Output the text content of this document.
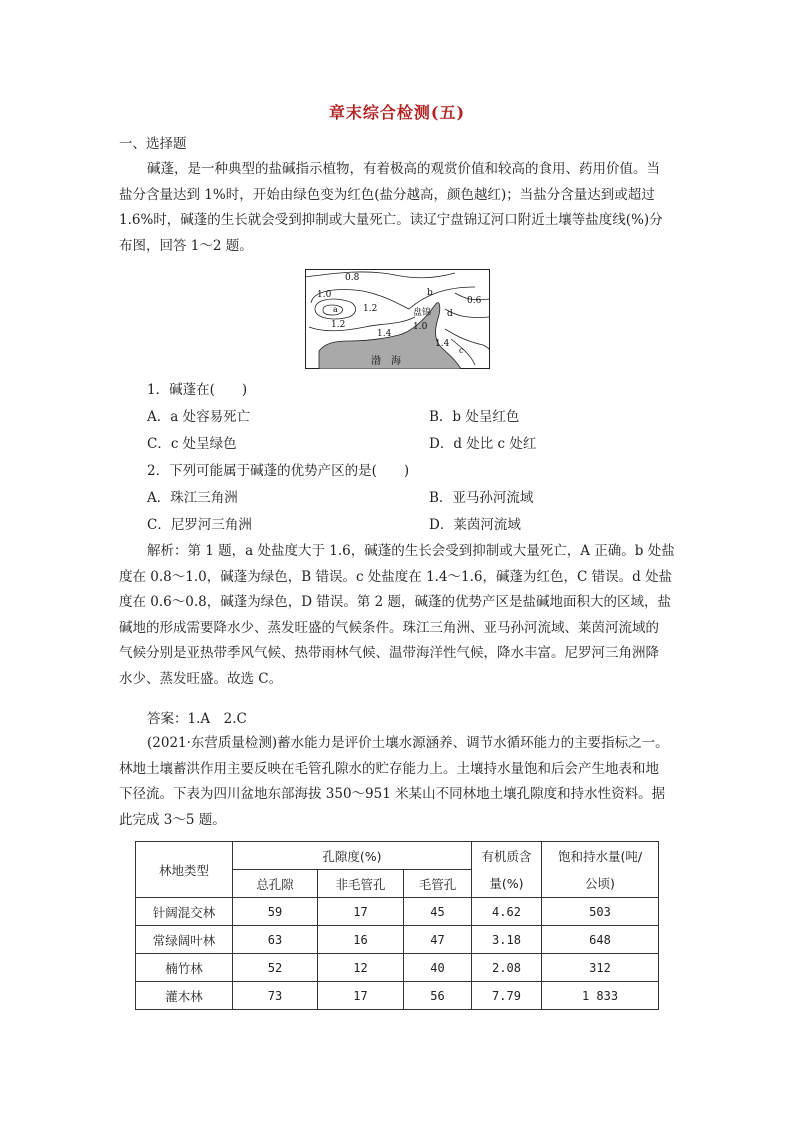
章末综合检测(五)
一、选择题
碱蓬，是一种典型的盐碱指示植物，有着极高的观赏价值和较高的食用、药用价值。当
盐分含量达到 1%时，开始由绿色变为红色(盐分越高，颜色越红)；当盐分含量达到或超过
1.6%时，碱蓬的生长就会受到抑制或大量死亡。读辽宁盘锦辽河口附近土壤等盐度线(%)分
布图，回答 1～2 题。
0.8
1.0
a	1.2
1.2
b
0.6
盘锦 d
1.0
1.4
1.4
c
渤　海
1．碱蓬在(　　)
A．a 处容易死亡	B．b 处呈红色
C．c 处呈绿色	D．d 处比 c 处红
2．下列可能属于碱蓬的优势产区的是(　　)
A．珠江三角洲	B．亚马孙河流域
C．尼罗河三角洲	D．莱茵河流域
解析：第 1 题，a 处盐度大于 1.6，碱蓬的生长会受到抑制或大量死亡，A 正确。b 处盐
度在 0.8～1.0，碱蓬为绿色，B 错误。c 处盐度在 1.4～1.6，碱蓬为红色，C 错误。d 处盐
度在 0.6～0.8，碱蓬为绿色，D 错误。第 2 题，碱蓬的优势产区是盐碱地面积大的区域，盐
碱地的形成需要降水少、蒸发旺盛的气候条件。珠江三角洲、亚马孙河流域、莱茵河流域的
气候分别是亚热带季风气候、热带雨林气候、温带海洋性气候，降水丰富。尼罗河三角洲降
水少、蒸发旺盛。故选 C。
答案：1.A　2.C
(2021·东营质量检测)蓄水能力是评价土壤水源涵养、调节水循环能力的主要指标之一。
林地土壤蓄洪作用主要反映在毛管孔隙水的贮存能力上。土壤持水量饱和后会产生地表和地
下径流。下表为四川盆地东部海拔 350～951 米某山不同林地土壤孔隙度和持水性资料。据
此完成 3～5 题。
林地类型	孔隙度(%)			有机质含	饱和持水量(吨/
	总孔隙	非毛管孔	毛管孔	量(%)	公顷)
针阔混交林	59	17	45	4.62	503
常绿阔叶林	63	16	47	3.18	648
楠竹林	52	12	40	2.08	312
灌木林	73	17	56	7.79	1 833
